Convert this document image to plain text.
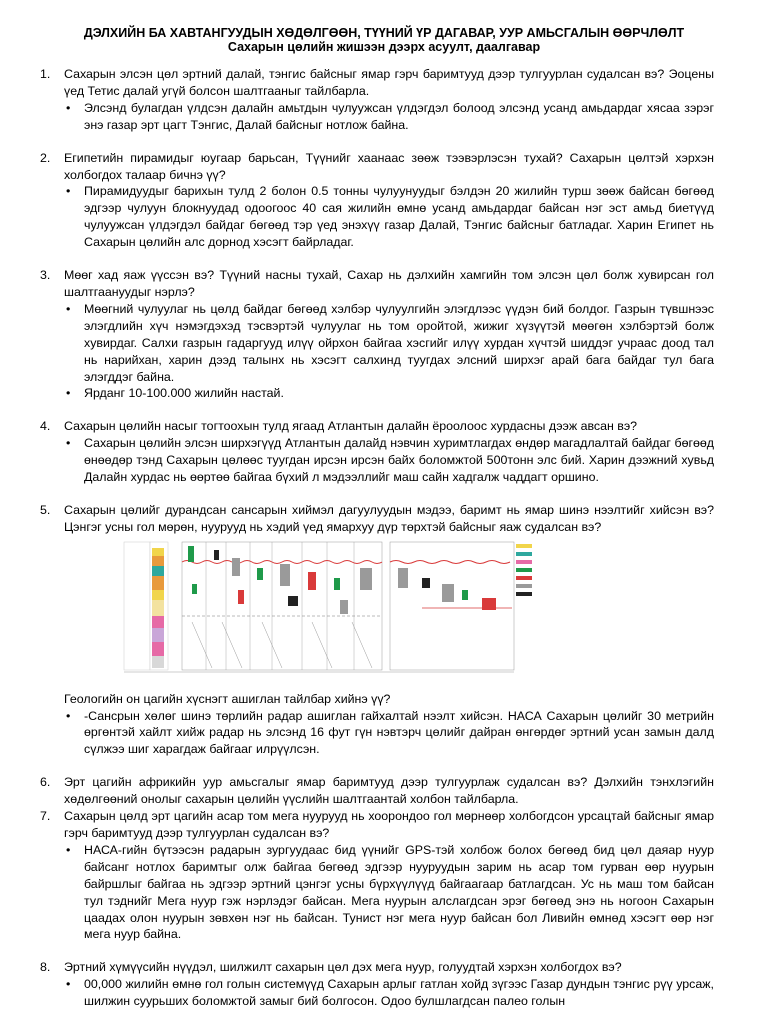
ДЭЛХИЙН БА ХАВТАНГУУДЫН ХӨДӨЛГӨӨН, ТҮҮНИЙ ҮР ДАГАВАР, УУР АМЬСГАЛЫН ӨӨРЧЛӨЛТ
Сахарын цөлийн жишээн дээрх асуулт, даалгавар
1.	Сахарын элсэн цөл эртний далай, тэнгис байсныг ямар гэрч баримтууд дээр тулгуурлан судалсан вэ? Эоцены үед Тетис далай угүй болсон шалтгааныг тайлбарла.
• Элсэнд булагдан үлдсэн далайн амьтдын чулуужсан үлдэгдэл болоод элсэнд усанд амьдардаг хясаа зэрэг энэ газар эрт цагт Тэнгис, Далай байсныг нотлож байна.
2.	Египетийн пирамидыг юугаар барьсан, Түүнийг хаанаас зөөж тээвэрлэсэн тухай? Сахарын цөлтэй хэрхэн холбогдох талаар бичнэ үү?
• Пирамидуудыг барихын тулд 2 болон 0.5 тонны чулуунуудыг бэлдэн 20 жилийн турш зөөж байсан бөгөөд эдгээр чулуун блокнуудад одоогоос 40 сая жилийн өмнө усанд амьдардаг байсан нэг эст амьд биетүүд чулуужсан үлдэгдэл байдаг бөгөөд тэр үед энэхүү газар Далай, Тэнгис байсныг батладаг. Харин Египет нь Сахарын цөлийн алс дорнод хэсэгт байрладаг.
3.	Мөөг хад яаж үүссэн вэ? Түүний насны тухай, Сахар нь дэлхийн хамгийн том элсэн цөл болж хувирсан гол шалтгаануудыг нэрлэ?
• Мөөгний чулуулаг нь цөлд байдаг бөгөөд хэлбэр чулуулгийн элэгдлээс үүдэн бий болдог. Газрын түвшнээс элэгдлийн хүч нэмэгдэхэд тэсвэртэй чулуулаг нь том оройтой, жижиг хүзүүтэй мөөгөн хэлбэртэй болж хувирдаг. Салхи газрын гадаргууд илүү ойрхон байгаа хэсгийг илүү хурдан хүчтэй шиддэг учраас доод тал нь нарийхан, харин дээд талынх нь хэсэгт салхинд туугдах элсний ширхэг арай бага байдаг тул бага элэгддэг байна.
• Ярданг 10-100.000 жилийн настай.
4.	Сахарын цөлийн насыг тогтоохын тулд ягаад Атлантын далайн ёроолоос хурдасны дээж авсан вэ?
• Сахарын цөлийн элсэн ширхэгүүд Атлантын далайд нэвчин хуримтлагдах өндөр магадлалтай байдаг бөгөөд өнөөдөр тэнд Сахарын цөлөөс туугдан ирсэн ирсэн байх боломжтой 500тонн элс бий. Харин дээжний хувьд Далайн хурдас нь өөртөө байгаа бүхий л мэдээллийг маш сайн хадгалж чаддагт оршино.
5.	Сахарын цөлийг дурандсан сансарын хиймэл дагуулуудын мэдээ, баримт нь ямар шинэ нээлтийг хийсэн вэ? Цэнгэг усны гол мөрөн, нуурууд нь хэдий үед ямархуу дүр төрхтэй байсныг яаж судалсан вэ?
Геологийн он цагийн хүснэгт ашиглан тайлбар хийнэ үү?
• -Сансрын хөлөг шинэ төрлийн радар ашиглан гайхалтай нээлт хийсэн. НАСА Сахарын цөлийг 30 метрийн өргөнтэй хайлт хийж радар нь элсэнд 16 фут гүн нэвтэрч цөлийг дайран өнгөрдөг эртний усан замын далд сүлжээ шиг харагдаж байгааг илрүүлсэн.
6.	Эрт цагийн африкийн уур амьсгалыг ямар баримтууд дээр тулгуурлаж судалсан вэ? Дэлхийн тэнхлэгийн хөдөлгөөний онолыг сахарын цөлийн үүслийн шалтгаантай холбон тайлбарла.
7.	Сахарын цөлд эрт цагийн асар том мега нуурууд нь хоорондоо гол мөрнөөр холбогдсон урсацтай байсныг ямар гэрч баримтууд дээр тулгуурлан судалсан вэ?
• НАСА-гийн бүтээсэн радарын зургуудаас бид үүнийг GPS-тэй холбож болох бөгөөд бид цөл даяар нуур байсанг нотлох баримтыг олж байгаа бөгөөд эдгээр нууруудын зарим нь асар том гурван өөр нуурын байршлыг байгаа нь эдгээр эртний цэнгэг усны бүрхүүлүүд байгаагаар батлагдсан. Ус нь маш том байсан тул тэднийг Мега нуур гэж нэрлэдэг байсан. Мега нуурын алслагдсан эрэг бөгөөд энэ нь ногоон Сахарын цаадах олон нуурын зөвхөн нэг нь байсан. Тунист нэг мега нуур байсан бол Ливийн өмнөд хэсэгт өөр нэг мега нуур байна.
8.	Эртний хүмүүсийн нүүдэл, шилжилт сахарын цөл дэх мега нуур, голуудтай хэрхэн холбогдох вэ?
• 00,000 жилийн өмнө гол голын системүүд Сахарын арлыг гатлан хойд зүгээс Газар дундын тэнгис рүү урсаж, шилжин суурьших боломжтой замыг бий болгосон. Одоо булшлагдсан палео голын
